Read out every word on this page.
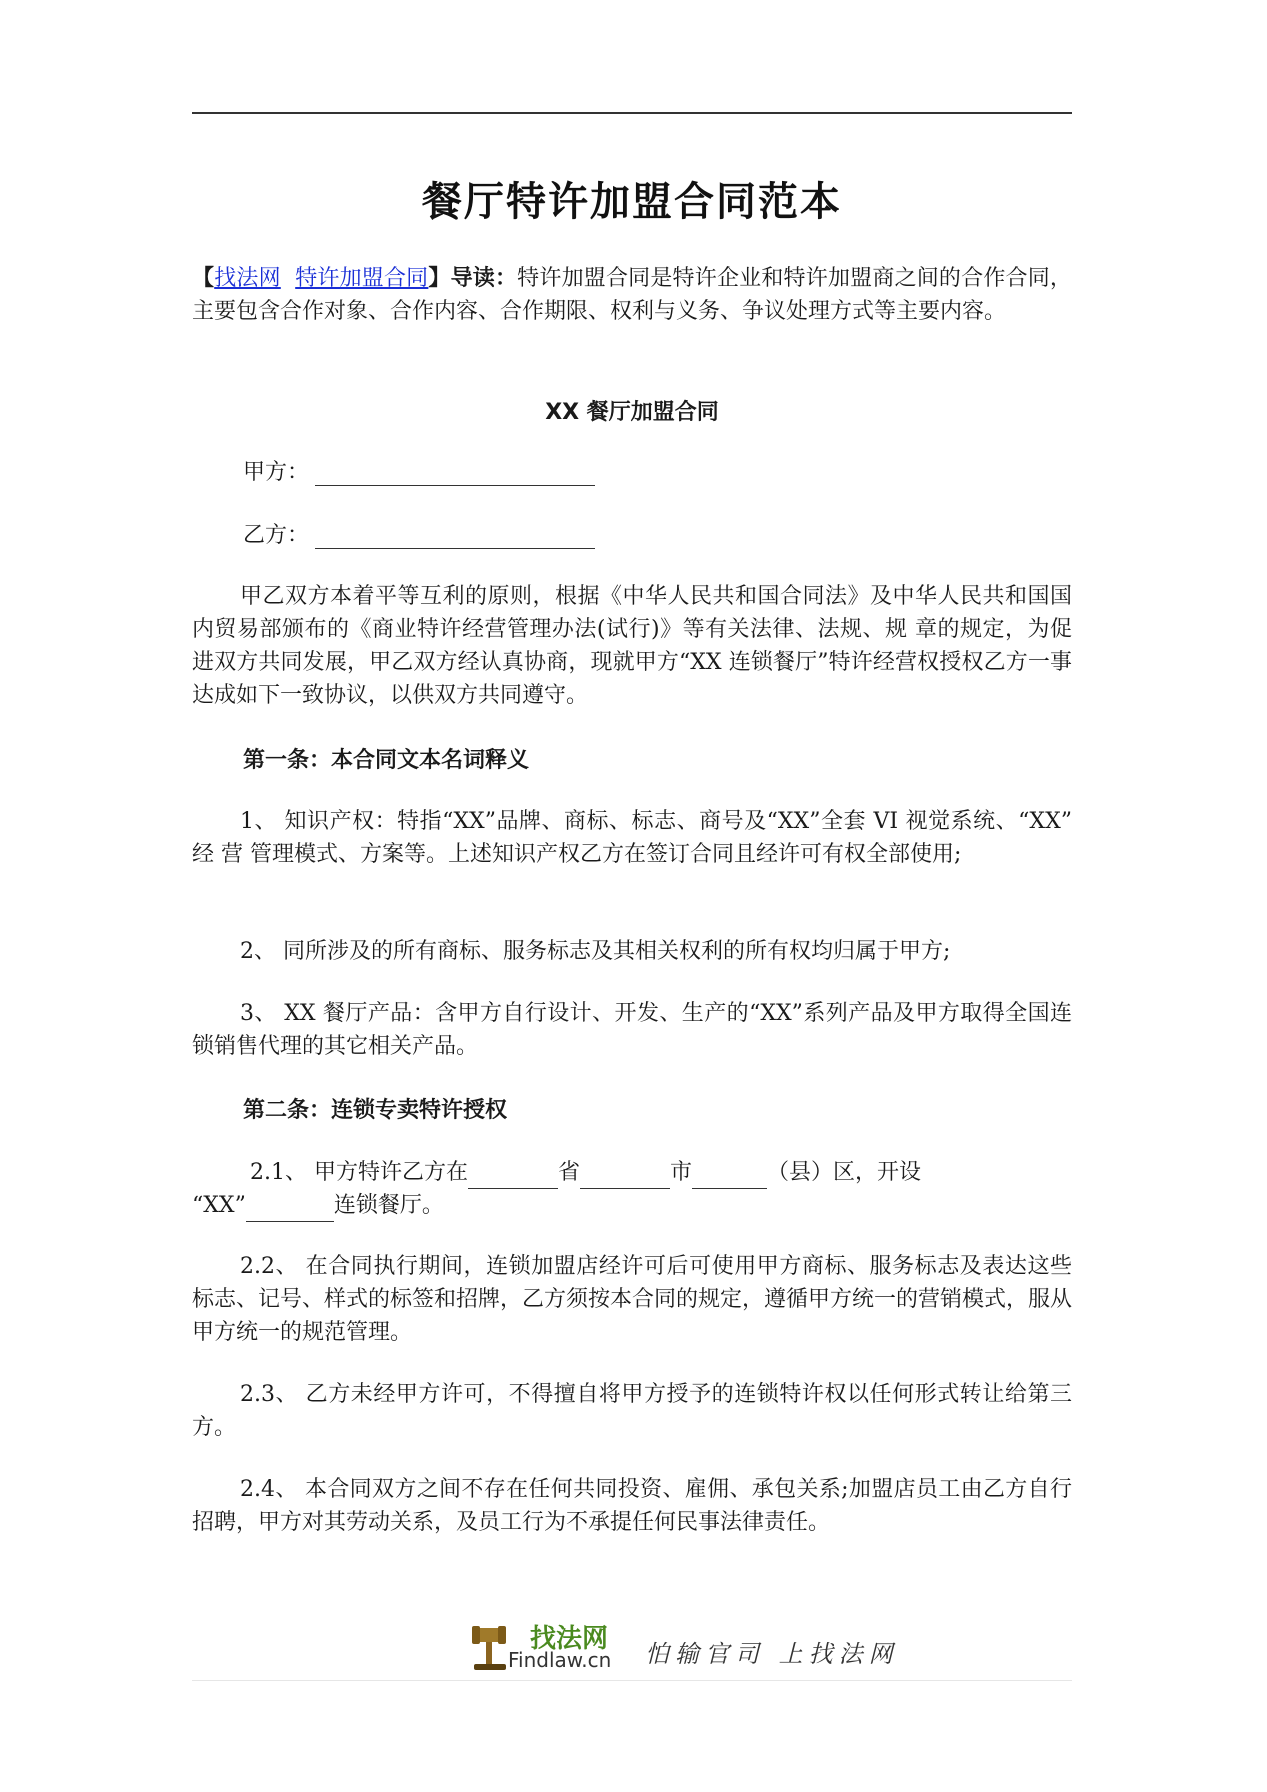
餐厅特许加盟合同范本
【找法网 特许加盟合同】导读：特许加盟合同是特许企业和特许加盟商之间的合作合同，主要包含合作对象、合作内容、合作期限、权利与义务、争议处理方式等主要内容。
XX 餐厅加盟合同
甲方：
乙方：
甲乙双方本着平等互利的原则，根据《中华人民共和国合同法》及中华人民共和国国内贸易部颁布的《商业特许经营管理办法(试行)》等有关法律、法规、规 章的规定，为促进双方共同发展，甲乙双方经认真协商，现就甲方“XX 连锁餐厅”特许经营权授权乙方一事达成如下一致协议，以供双方共同遵守。
第一条：本合同文本名词释义
1、 知识产权：特指“XX”品牌、商标、标志、商号及“XX”全套 VI 视觉系统、“XX” 经 营 管理模式、方案等。上述知识产权乙方在签订合同且经许可有权全部使用;
2、 同所涉及的所有商标、服务标志及其相关权利的所有权均归属于甲方;
3、 XX 餐厅产品：含甲方自行设计、开发、生产的“XX”系列产品及甲方取得全国连锁销售代理的其它相关产品。
第二条：连锁专卖特许授权
2.1、 甲方特许乙方在	省	市	（县）区，开设
“XX”	连锁餐厅。
2.2、 在合同执行期间，连锁加盟店经许可后可使用甲方商标、服务标志及表达这些标志、记号、样式的标签和招牌，乙方须按本合同的规定，遵循甲方统一的营销模式，服从甲方统一的规范管理。
2.3、 乙方未经甲方许可，不得擅自将甲方授予的连锁特许权以任何形式转让给第三方。
2.4、 本合同双方之间不存在任何共同投资、雇佣、承包关系;加盟店员工由乙方自行招聘，甲方对其劳动关系，及员工行为不承提任何民事法律责任。
找法网
Findlaw.cn 怕输官司 上找法网
